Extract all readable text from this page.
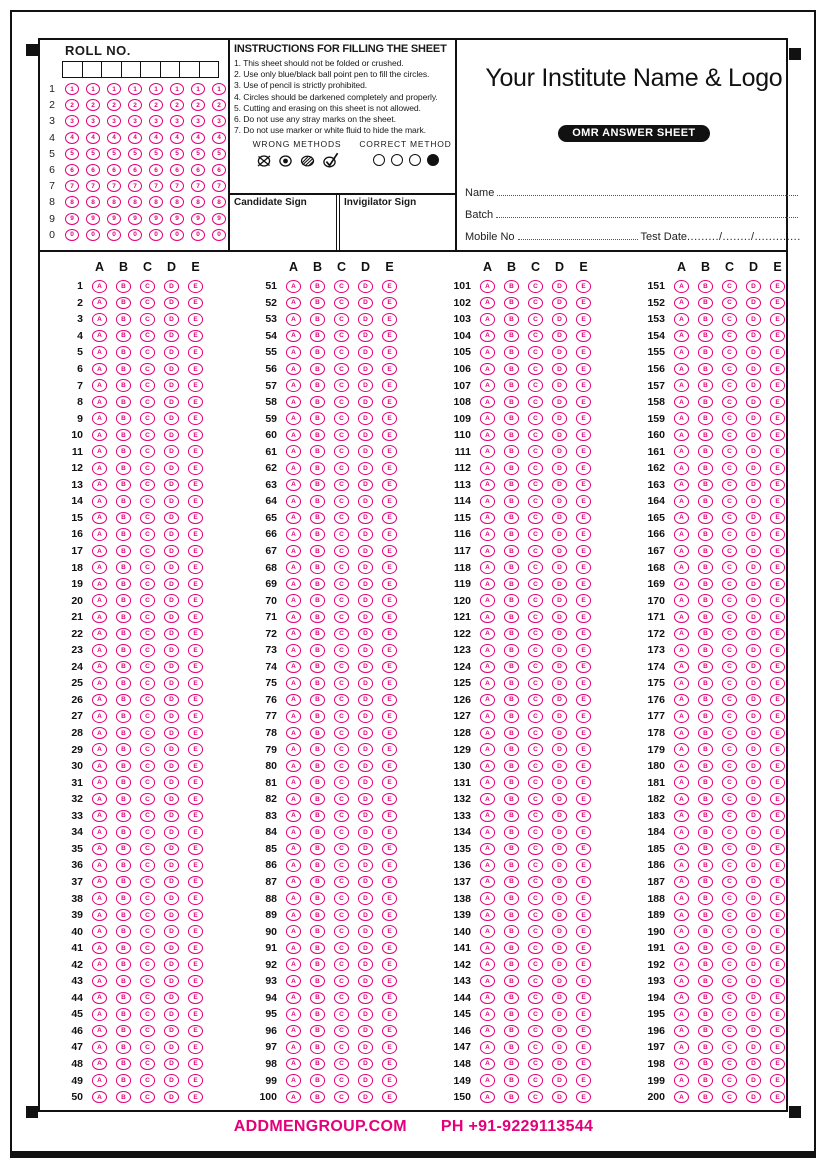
ROLL NO.
1	1	1	1	1	1	1	1	1
2	2	2	2	2	2	2	2	2
3	3	3	3	3	3	3	3	3
4	4	4	4	4	4	4	4	4
5	5	5	5	5	5	5	5	5
6	6	6	6	6	6	6	6	6
7	7	7	7	7	7	7	7	7
8	8	8	8	8	8	8	8	8
9	9	9	9	9	9	9	9	9
0	0	0	0	0	0	0	0	0
INSTRUCTIONS FOR FILLING THE SHEET
1. This sheet should not be folded or crushed.
2. Use only blue/black ball point pen to fill the circles.
3. Use of pencil is strictly prohibited.
4. Circles should be darkened completely and properly.
5. Cutting and erasing on this sheet is not allowed.
6. Do not use any stray marks on the sheet.
7. Do not use marker or white fluid to hide the mark.
WRONG METHODS CORRECT METHOD
Candidate Sign	Invigilator Sign
Your Institute Name & Logo
OMR ANSWER SHEET
Name
Batch
Mobile No	Test Date ........./......../.............
A B C D E
1	A	B	C	D	E
2	A	B	C	D	E
3	A	B	C	D	E
4	A	B	C	D	E
5	A	B	C	D	E
6	A	B	C	D	E
7	A	B	C	D	E
8	A	B	C	D	E
9	A	B	C	D	E
10	A	B	C	D	E
11	A	B	C	D	E
12	A	B	C	D	E
13	A	B	C	D	E
14	A	B	C	D	E
15	A	B	C	D	E
16	A	B	C	D	E
17	A	B	C	D	E
18	A	B	C	D	E
19	A	B	C	D	E
20	A	B	C	D	E
21	A	B	C	D	E
22	A	B	C	D	E
23	A	B	C	D	E
24	A	B	C	D	E
25	A	B	C	D	E
26	A	B	C	D	E
27	A	B	C	D	E
28	A	B	C	D	E
29	A	B	C	D	E
30	A	B	C	D	E
31	A	B	C	D	E
32	A	B	C	D	E
33	A	B	C	D	E
34	A	B	C	D	E
35	A	B	C	D	E
36	A	B	C	D	E
37	A	B	C	D	E
38	A	B	C	D	E
39	A	B	C	D	E
40	A	B	C	D	E
41	A	B	C	D	E
42	A	B	C	D	E
43	A	B	C	D	E
44	A	B	C	D	E
45	A	B	C	D	E
46	A	B	C	D	E
47	A	B	C	D	E
48	A	B	C	D	E
49	A	B	C	D	E
50	A	B	C	D	E
A B C D E
51	A	B	C	D	E
52	A	B	C	D	E
53	A	B	C	D	E
54	A	B	C	D	E
55	A	B	C	D	E
56	A	B	C	D	E
57	A	B	C	D	E
58	A	B	C	D	E
59	A	B	C	D	E
60	A	B	C	D	E
61	A	B	C	D	E
62	A	B	C	D	E
63	A	B	C	D	E
64	A	B	C	D	E
65	A	B	C	D	E
66	A	B	C	D	E
67	A	B	C	D	E
68	A	B	C	D	E
69	A	B	C	D	E
70	A	B	C	D	E
71	A	B	C	D	E
72	A	B	C	D	E
73	A	B	C	D	E
74	A	B	C	D	E
75	A	B	C	D	E
76	A	B	C	D	E
77	A	B	C	D	E
78	A	B	C	D	E
79	A	B	C	D	E
80	A	B	C	D	E
81	A	B	C	D	E
82	A	B	C	D	E
83	A	B	C	D	E
84	A	B	C	D	E
85	A	B	C	D	E
86	A	B	C	D	E
87	A	B	C	D	E
88	A	B	C	D	E
89	A	B	C	D	E
90	A	B	C	D	E
91	A	B	C	D	E
92	A	B	C	D	E
93	A	B	C	D	E
94	A	B	C	D	E
95	A	B	C	D	E
96	A	B	C	D	E
97	A	B	C	D	E
98	A	B	C	D	E
99	A	B	C	D	E
100	A	B	C	D	E
A B C D E
101	A	B	C	D	E
102	A	B	C	D	E
103	A	B	C	D	E
104	A	B	C	D	E
105	A	B	C	D	E
106	A	B	C	D	E
107	A	B	C	D	E
108	A	B	C	D	E
109	A	B	C	D	E
110	A	B	C	D	E
111	A	B	C	D	E
112	A	B	C	D	E
113	A	B	C	D	E
114	A	B	C	D	E
115	A	B	C	D	E
116	A	B	C	D	E
117	A	B	C	D	E
118	A	B	C	D	E
119	A	B	C	D	E
120	A	B	C	D	E
121	A	B	C	D	E
122	A	B	C	D	E
123	A	B	C	D	E
124	A	B	C	D	E
125	A	B	C	D	E
126	A	B	C	D	E
127	A	B	C	D	E
128	A	B	C	D	E
129	A	B	C	D	E
130	A	B	C	D	E
131	A	B	C	D	E
132	A	B	C	D	E
133	A	B	C	D	E
134	A	B	C	D	E
135	A	B	C	D	E
136	A	B	C	D	E
137	A	B	C	D	E
138	A	B	C	D	E
139	A	B	C	D	E
140	A	B	C	D	E
141	A	B	C	D	E
142	A	B	C	D	E
143	A	B	C	D	E
144	A	B	C	D	E
145	A	B	C	D	E
146	A	B	C	D	E
147	A	B	C	D	E
148	A	B	C	D	E
149	A	B	C	D	E
150	A	B	C	D	E
A B C D E
151	A	B	C	D	E
152	A	B	C	D	E
153	A	B	C	D	E
154	A	B	C	D	E
155	A	B	C	D	E
156	A	B	C	D	E
157	A	B	C	D	E
158	A	B	C	D	E
159	A	B	C	D	E
160	A	B	C	D	E
161	A	B	C	D	E
162	A	B	C	D	E
163	A	B	C	D	E
164	A	B	C	D	E
165	A	B	C	D	E
166	A	B	C	D	E
167	A	B	C	D	E
168	A	B	C	D	E
169	A	B	C	D	E
170	A	B	C	D	E
171	A	B	C	D	E
172	A	B	C	D	E
173	A	B	C	D	E
174	A	B	C	D	E
175	A	B	C	D	E
176	A	B	C	D	E
177	A	B	C	D	E
178	A	B	C	D	E
179	A	B	C	D	E
180	A	B	C	D	E
181	A	B	C	D	E
182	A	B	C	D	E
183	A	B	C	D	E
184	A	B	C	D	E
185	A	B	C	D	E
186	A	B	C	D	E
187	A	B	C	D	E
188	A	B	C	D	E
189	A	B	C	D	E
190	A	B	C	D	E
191	A	B	C	D	E
192	A	B	C	D	E
193	A	B	C	D	E
194	A	B	C	D	E
195	A	B	C	D	E
196	A	B	C	D	E
197	A	B	C	D	E
198	A	B	C	D	E
199	A	B	C	D	E
200	A	B	C	D	E
ADDMENGROUP.COM PH +91-9229113544
